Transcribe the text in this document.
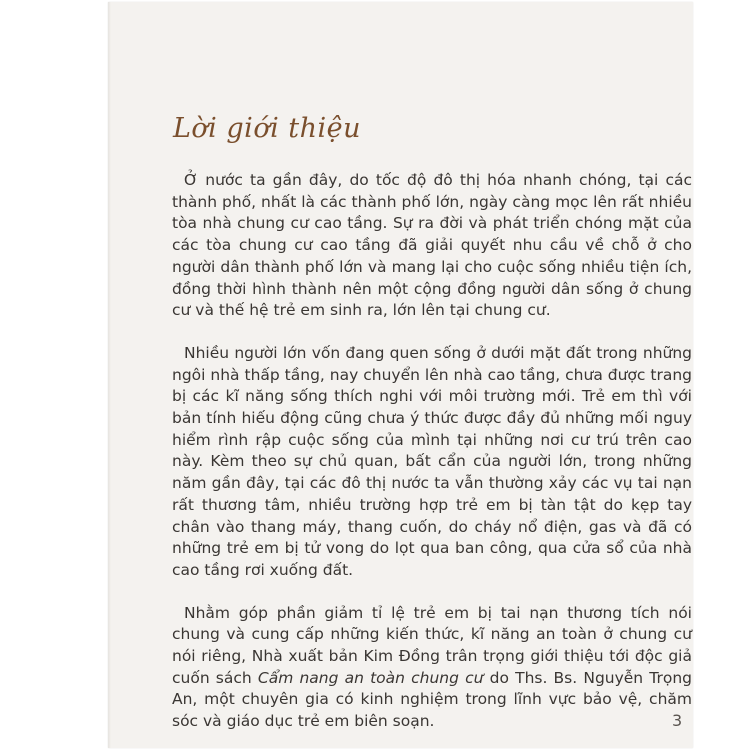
Lời giới thiệu

Ở nước ta gần đây, do tốc độ đô thị hóa nhanh chóng, tại các thành phố, nhất là các thành phố lớn, ngày càng mọc lên rất nhiều tòa nhà chung cư cao tầng. Sự ra đời và phát triển chóng mặt của các tòa chung cư cao tầng đã giải quyết nhu cầu về chỗ ở cho người dân thành phố lớn và mang lại cho cuộc sống nhiều tiện ích, đồng thời hình thành nên một cộng đồng người dân sống ở chung cư và thế hệ trẻ em sinh ra, lớn lên tại chung cư.

Nhiều người lớn vốn đang quen sống ở dưới mặt đất trong những ngôi nhà thấp tầng, nay chuyển lên nhà cao tầng, chưa được trang bị các kĩ năng sống thích nghi với môi trường mới. Trẻ em thì với bản tính hiếu động cũng chưa ý thức được đầy đủ những mối nguy hiểm rình rập cuộc sống của mình tại những nơi cư trú trên cao này. Kèm theo sự chủ quan, bất cẩn của người lớn, trong những năm gần đây, tại các đô thị nước ta vẫn thường xảy các vụ tai nạn rất thương tâm, nhiều trường hợp trẻ em bị tàn tật do kẹp tay chân vào thang máy, thang cuốn, do cháy nổ điện, gas và đã có những trẻ em bị tử vong do lọt qua ban công, qua cửa sổ của nhà cao tầng rơi xuống đất.

Nhằm góp phần giảm tỉ lệ trẻ em bị tai nạn thương tích nói chung và cung cấp những kiến thức, kĩ năng an toàn ở chung cư nói riêng, Nhà xuất bản Kim Đồng trân trọng giới thiệu tới độc giả cuốn sách Cẩm nang an toàn chung cư do Ths. Bs. Nguyễn Trọng An, một chuyên gia có kinh nghiệm trong lĩnh vực bảo vệ, chăm sóc và giáo dục trẻ em biên soạn.	3
